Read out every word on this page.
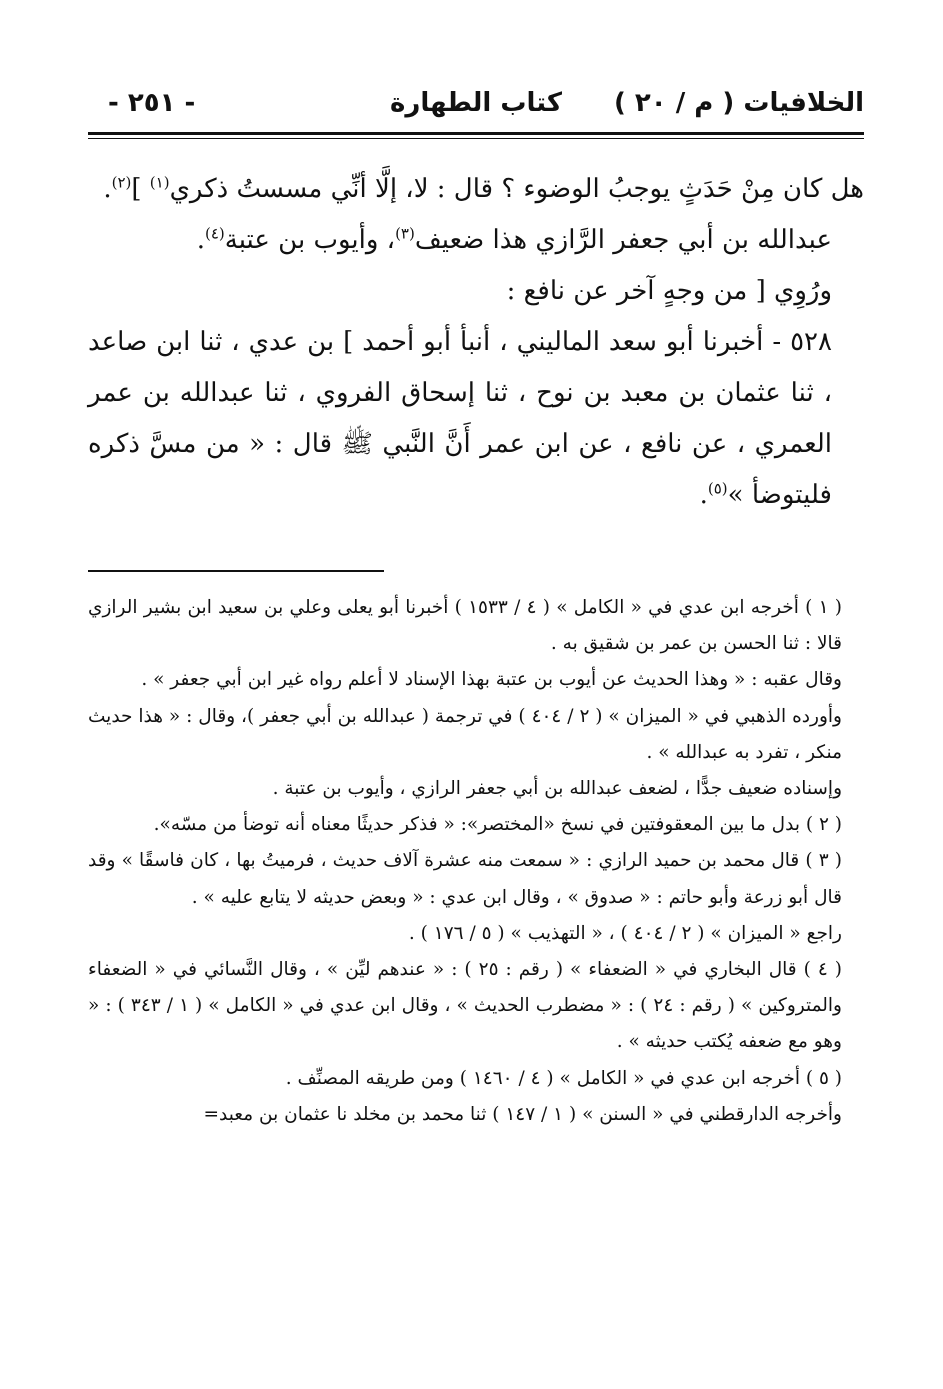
الخلافيات ( م / ٢٠ )
كتاب الطهارة
- ٢٥١ -

هل كان مِنْ حَدَثٍ يوجبُ الوضوء ؟ قال : لا، إلَّا أنِّي مسستُ ذكري$^{(١)}$ ]$^{(٢)}$.

عبدالله بن أبي جعفر الرَّازي هذا ضعيف$^{(٣)}$، وأيوب بن عتبة$^{(٤)}$.

ورُوِي [ من وجهٍ آخر عن نافع :

٥٢٨ - أخبرنا أبو سعد الماليني ، أنبأ أبو أحمد ] بن عدي ، ثنا ابن صاعد ، ثنا عثمان بن معبد بن نوح ، ثنا إسحاق الفروي ، ثنا عبدالله بن عمر العمري ، عن نافع ، عن ابن عمر أَنَّ النَّبي ﷺ قال : « من مسَّ ذكره فليتوضأ »$^{(٥)}$.

( ١ ) أخرجه ابن عدي في « الكامل » ( ٤ / ١٥٣٣ ) أخبرنا أبو يعلى وعلي بن سعيد ابن بشير الرازي قالا : ثنا الحسن بن عمر بن شقيق به .

وقال عقبه : « وهذا الحديث عن أيوب بن عتبة بهذا الإسناد لا أعلم رواه غير ابن أبي جعفر » .

وأورده الذهبي في « الميزان » ( ٢ / ٤٠٤ ) في ترجمة ( عبدالله بن أبي جعفر )، وقال : « هذا حديث منكر ، تفرد به عبدالله » .

وإسناده ضعيف جدًّا ، لضعف عبدالله بن أبي جعفر الرازي ، وأيوب بن عتبة .

( ٢ ) بدل ما بين المعقوفتين في نسخ «المختصر»: « فذكر حديثًا معناه أنه توضأ من مسّه».

( ٣ ) قال محمد بن حميد الرازي : « سمعت منه عشرة آلاف حديث ، فرميتُ بها ، كان فاسقًا » وقد قال أبو زرعة وأبو حاتم : « صدوق » ، وقال ابن عدي : « وبعض حديثه لا يتابع عليه » .

راجع « الميزان » ( ٢ / ٤٠٤ ) ، « التهذيب » ( ٥ / ١٧٦ ) .

( ٤ ) قال البخاري في « الضعفاء » ( رقم : ٢٥ ) : « عندهم ليِّن » ، وقال النَّسائي في « الضعفاء والمتروكين » ( رقم : ٢٤ ) : « مضطرب الحديث » ، وقال ابن عدي في « الكامل » ( ١ / ٣٤٣ ) : « وهو مع ضعفه يُكتب حديثه » .

( ٥ ) أخرجه ابن عدي في « الكامل » ( ٤ / ١٤٦٠ ) ومن طريقه المصنِّف .

وأخرجه الدارقطني في « السنن » ( ١ / ١٤٧ ) ثنا محمد بن مخلد نا عثمان بن معبد=
